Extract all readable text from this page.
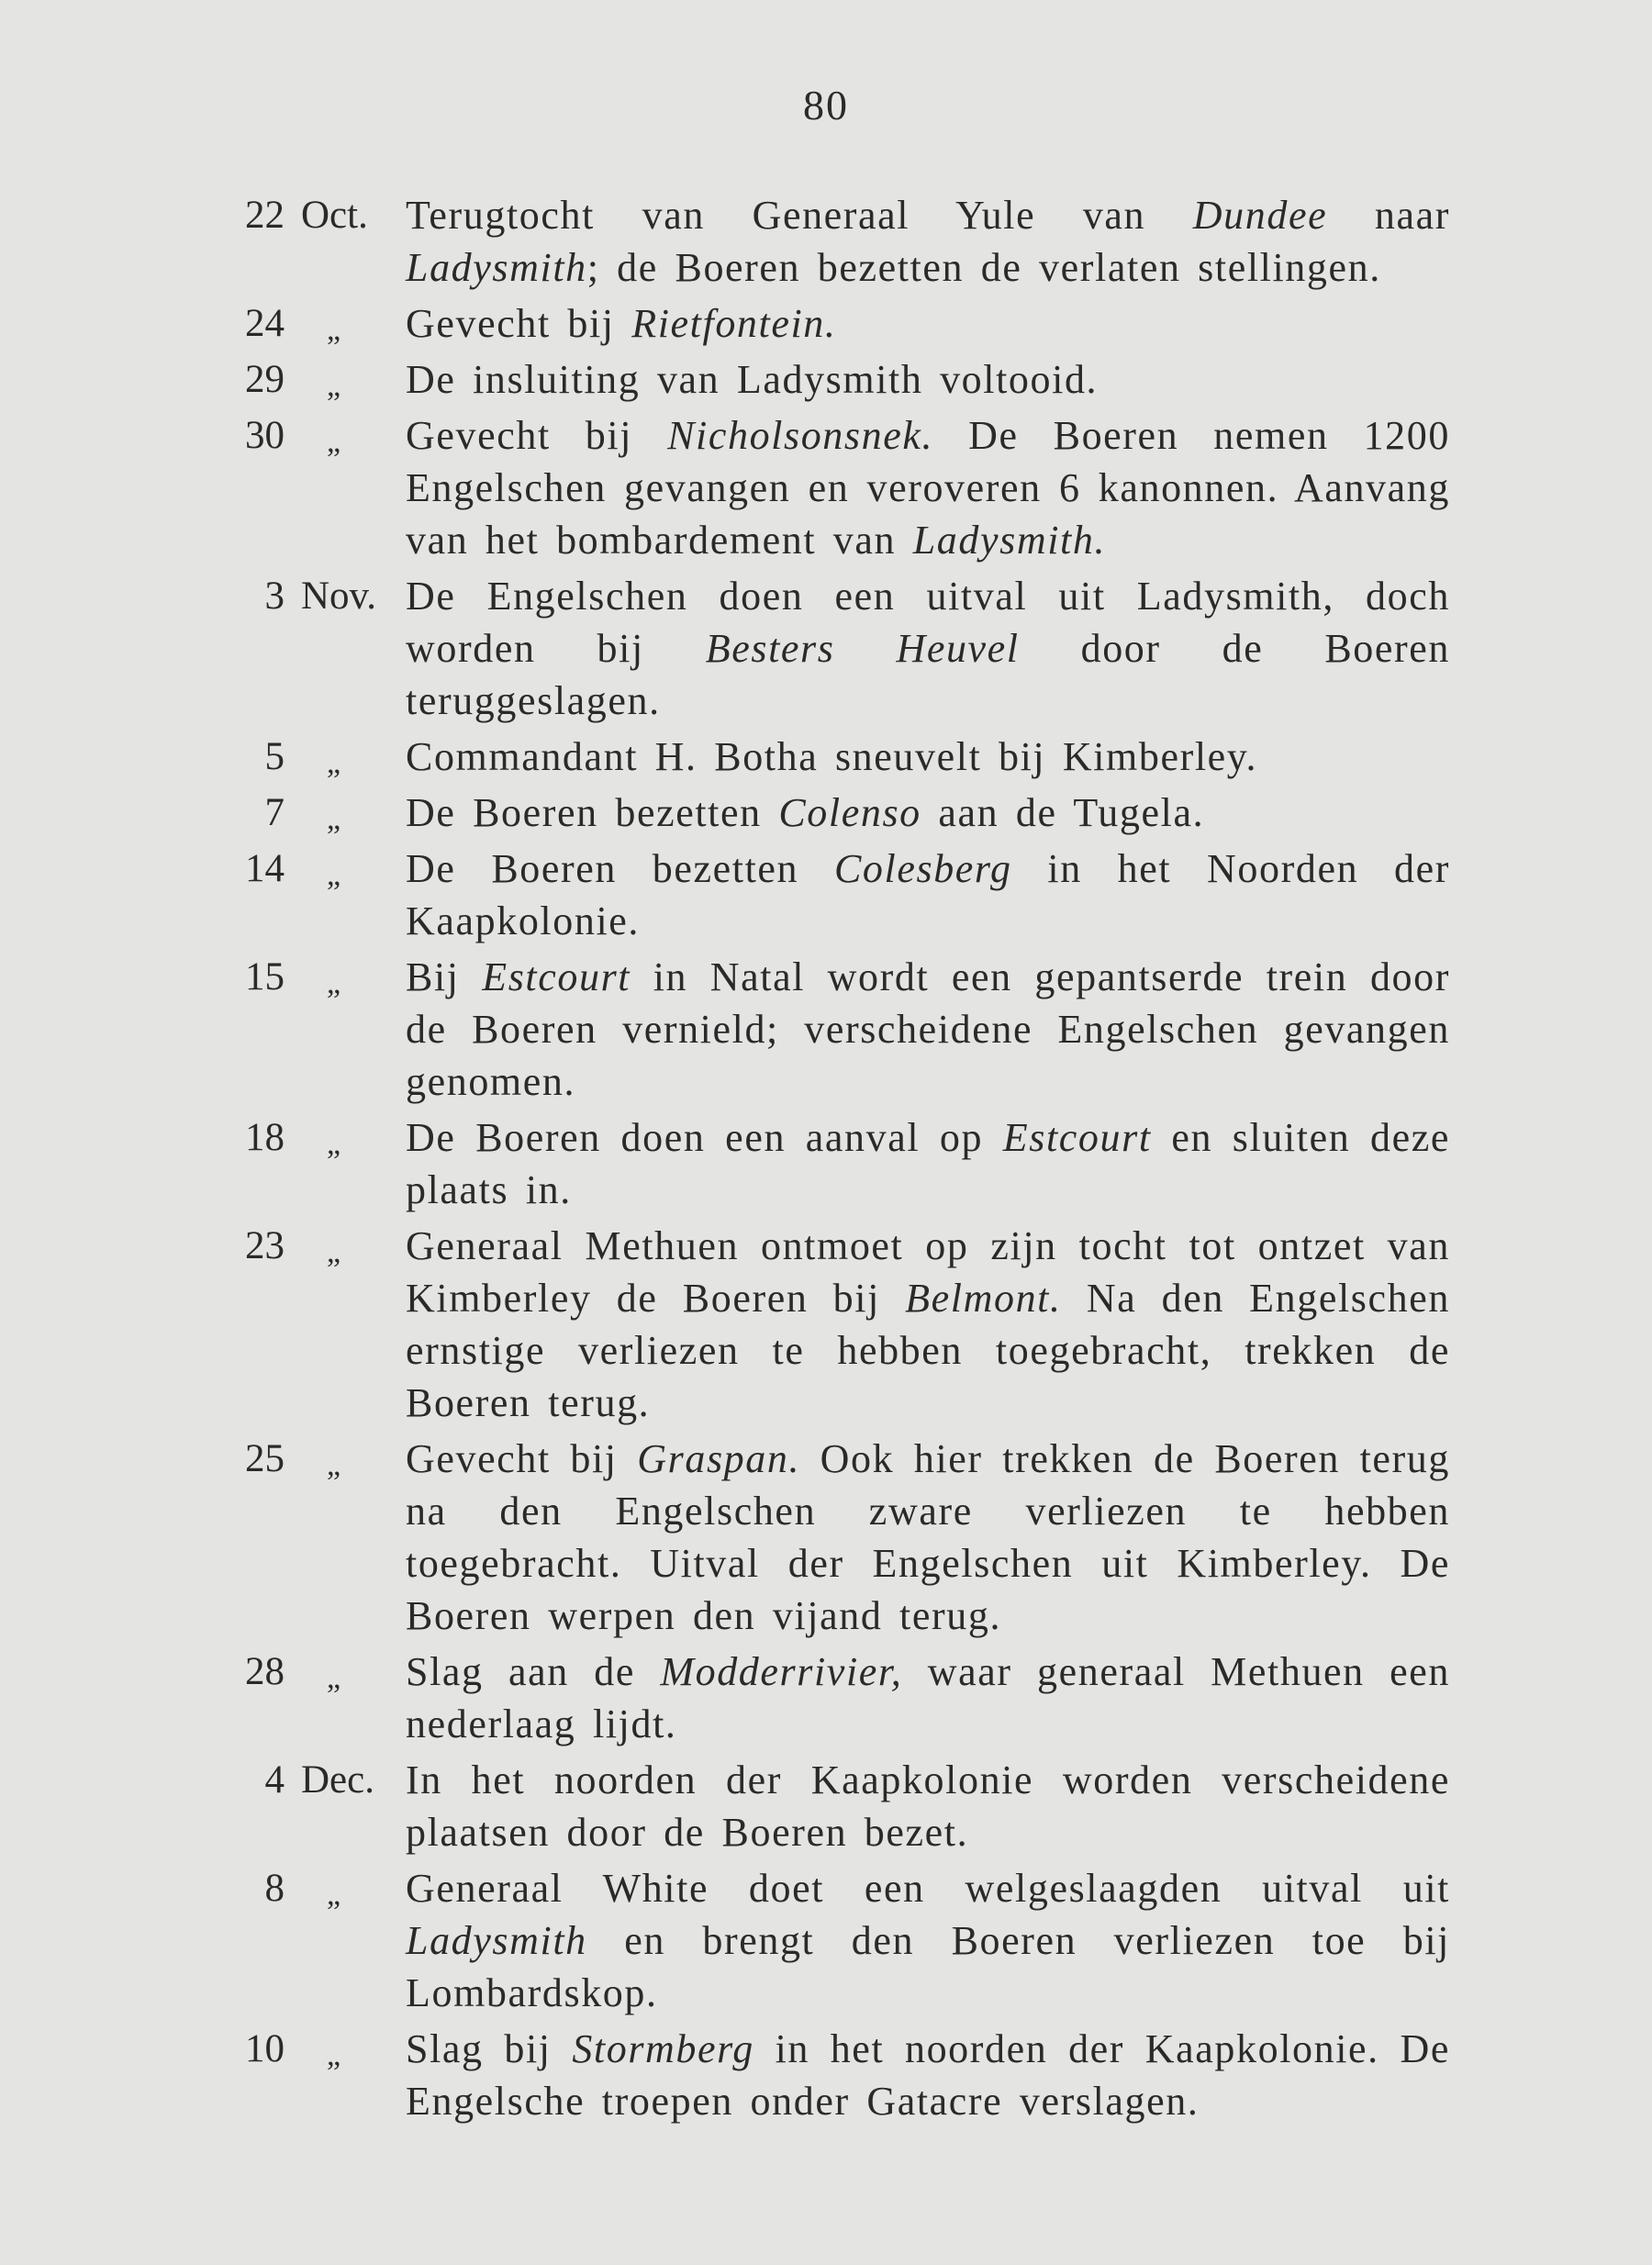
80
22 Oct. Terugtocht van Generaal Yule van Dundee naar Ladysmith; de Boeren bezetten de verlaten stellingen.
24 „	Gevecht bij Rietfontein.
29 „	De insluiting van Ladysmith voltooid.
30 „	Gevecht bij Nicholsonsnek. De Boeren nemen 1200 Engelschen gevangen en veroveren 6 kanonnen. Aanvang van het bombardement van Ladysmith.
3 Nov. De Engelschen doen een uitval uit Ladysmith, doch worden bij Besters Heuvel door de Boeren teruggeslagen.
5 „	Commandant H. Botha sneuvelt bij Kimberley.
7 „	De Boeren bezetten Colenso aan de Tugela.
14 „	De Boeren bezetten Colesberg in het Noorden der Kaapkolonie.
15 „	Bij Estcourt in Natal wordt een gepantserde trein door de Boeren vernield; verscheidene Engelschen gevangen genomen.
18 „	De Boeren doen een aanval op Estcourt en sluiten deze plaats in.
23 „	Generaal Methuen ontmoet op zijn tocht tot ontzet van Kimberley de Boeren bij Belmont. Na den Engelschen ernstige verliezen te hebben toegebracht, trekken de Boeren terug.
25 „	Gevecht bij Graspan. Ook hier trekken de Boeren terug na den Engelschen zware verliezen te hebben toegebracht. Uitval der Engelschen uit Kimberley. De Boeren werpen den vijand terug.
28 „	Slag aan de Modderrivier, waar generaal Methuen een nederlaag lijdt.
4 Dec. In het noorden der Kaapkolonie worden verscheidene plaatsen door de Boeren bezet.
8 „	Generaal White doet een welgeslaagden uitval uit Ladysmith en brengt den Boeren verliezen toe bij Lombardskop.
10 „	Slag bij Stormberg in het noorden der Kaapkolonie. De Engelsche troepen onder Gatacre verslagen.
